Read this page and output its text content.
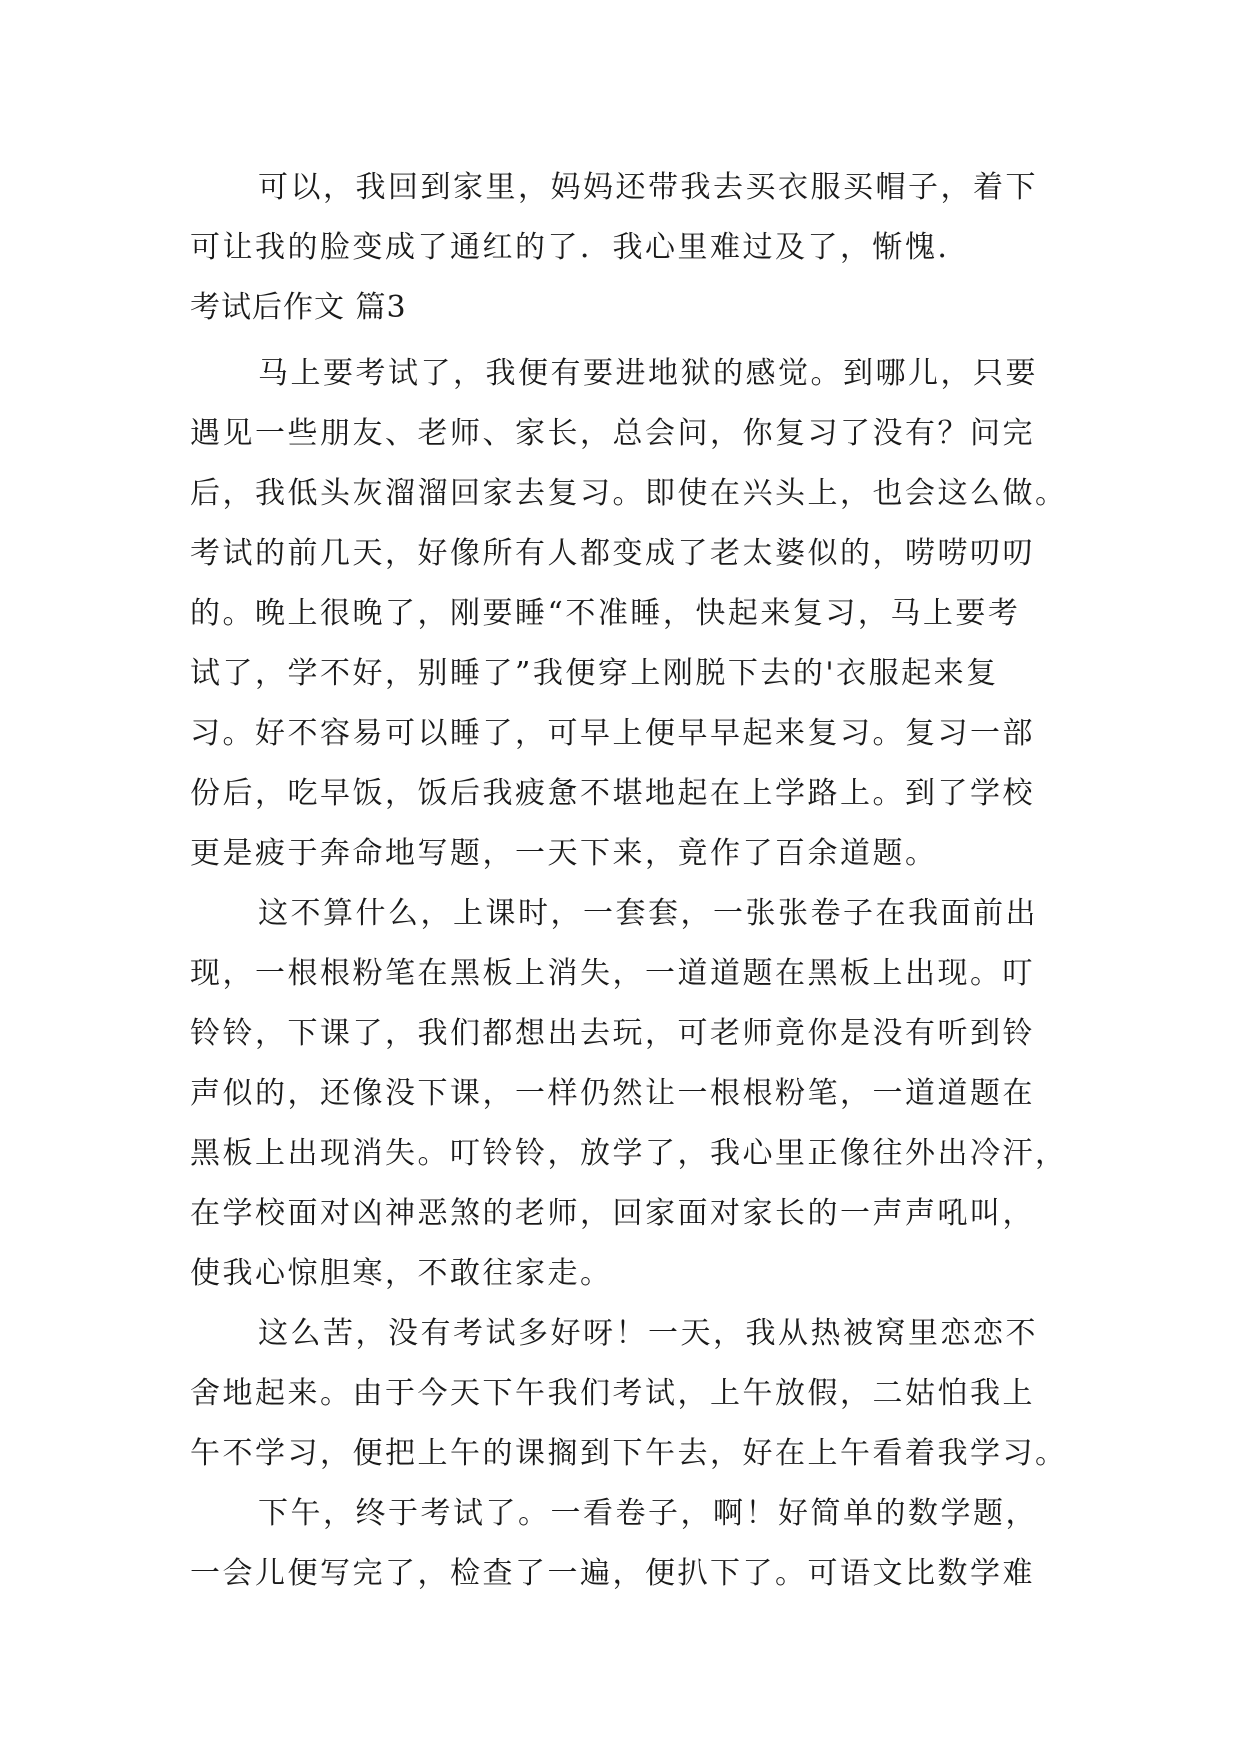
可以，我回到家里，妈妈还带我去买衣服买帽子，着下
可让我的脸变成了通红的了．我心里难过及了，惭愧．
考试后作文 篇3
马上要考试了，我便有要进地狱的感觉。到哪儿，只要
遇见一些朋友、老师、家长，总会问，你复习了没有？问完
后，我低头灰溜溜回家去复习。即使在兴头上，也会这么做。
考试的前几天，好像所有人都变成了老太婆似的，唠唠叨叨
的。晚上很晚了，刚要睡“不准睡，快起来复习，马上要考
试了，学不好，别睡了”我便穿上刚脱下去的'衣服起来复
习。好不容易可以睡了，可早上便早早起来复习。复习一部
份后，吃早饭，饭后我疲惫不堪地起在上学路上。到了学校
更是疲于奔命地写题，一天下来，竟作了百余道题。
这不算什么，上课时，一套套，一张张卷子在我面前出
现，一根根粉笔在黑板上消失，一道道题在黑板上出现。叮
铃铃，下课了，我们都想出去玩，可老师竟你是没有听到铃
声似的，还像没下课，一样仍然让一根根粉笔，一道道题在
黑板上出现消失。叮铃铃，放学了，我心里正像往外出冷汗，
在学校面对凶神恶煞的老师，回家面对家长的一声声吼叫，
使我心惊胆寒，不敢往家走。
这么苦，没有考试多好呀！一天，我从热被窝里恋恋不
舍地起来。由于今天下午我们考试，上午放假，二姑怕我上
午不学习，便把上午的课搁到下午去，好在上午看着我学习。
下午，终于考试了。一看卷子，啊！好简单的数学题，
一会儿便写完了，检查了一遍，便扒下了。可语文比数学难
